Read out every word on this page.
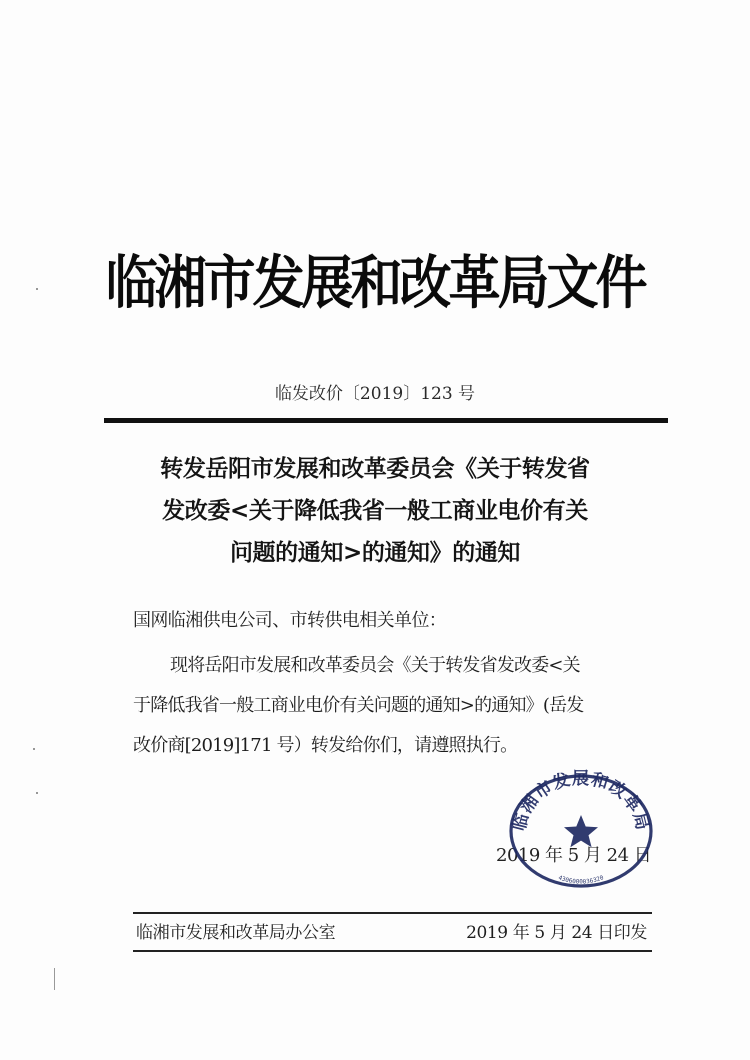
临湘市发展和改革局文件
临发改价〔2019〕123 号
转发岳阳市发展和改革委员会《关于转发省
发改委<关于降低我省一般工商业电价有关
问题的通知>的通知》的通知
国网临湘供电公司、市转供电相关单位：
现将岳阳市发展和改革委员会《关于转发省发改委<关
于降低我省一般工商业电价有关问题的通知>的通知》(岳发
改价商[2019]171 号）转发给你们，请遵照执行。
2019 年 5 月 24 日
临湘市发展和改革局
4306000036320
临湘市发展和改革局办公室	2019 年 5 月 24 日印发
